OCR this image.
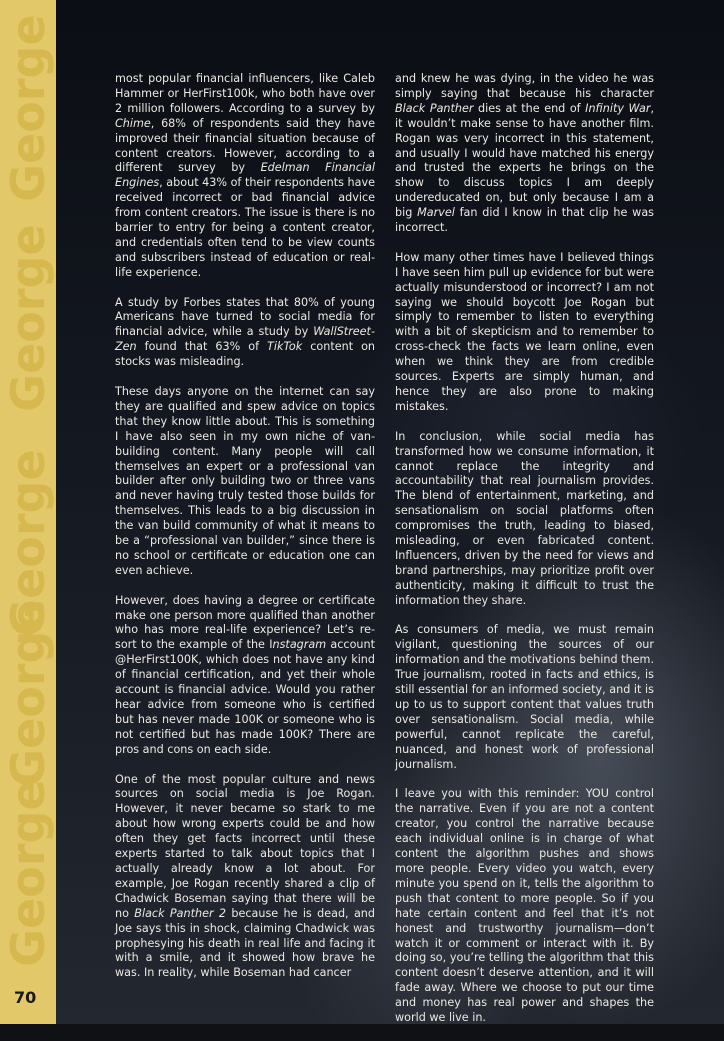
George
George
George
George
George
70

most popular financial influencers, like Caleb Hammer or HerFirst100k, who both have over 2 million followers. According to a survey by Chime, 68% of respondents said they have improved their financial situation because of content creators. However, according to a different survey by Edelman Financial Engines, about 43% of their respondents have received incorrect or bad financial advice from content creators. The issue is there is no barrier to entry for being a content creator, and credentials often tend to be view counts and subscribers instead of education or real-life experience.

A study by Forbes states that 80% of young Americans have turned to social media for financial advice, while a study by WallStreet-Zen found that 63% of TikTok content on stocks was misleading.

These days anyone on the internet can say they are qualified and spew advice on topics that they know little about. This is something I have also seen in my own niche of van-building content. Many people will call themselves an expert or a professional van builder after only building two or three vans and never having truly tested those builds for themselves. This leads to a big discussion in the van build community of what it means to be a “professional van builder,” since there is no school or certificate or education one can even achieve.

However, does having a degree or certificate make one person more qualified than another who has more real-life experience? Let’s re-sort to the example of the Instagram account @HerFirst100K, which does not have any kind of financial certification, and yet their whole account is financial advice. Would you rather hear advice from someone who is certified but has never made 100K or someone who is not certified but has made 100K? There are pros and cons on each side.

One of the most popular culture and news sources on social media is Joe Rogan. However, it never became so stark to me about how wrong experts could be and how often they get facts incorrect until these experts started to talk about topics that I actually already know a lot about. For example, Joe Rogan recently shared a clip of Chadwick Boseman saying that there will be no Black Panther 2 because he is dead, and Joe says this in shock, claiming Chadwick was prophesying his death in real life and facing it with a smile, and it showed how brave he was. In reality, while Boseman had cancer

and knew he was dying, in the video he was simply saying that because his character Black Panther dies at the end of Infinity War, it wouldn’t make sense to have another film. Rogan was very incorrect in this statement, and usually I would have matched his energy and trusted the experts he brings on the show to discuss topics I am deeply undereducated on, but only because I am a big Marvel fan did I know in that clip he was incorrect.

How many other times have I believed things I have seen him pull up evidence for but were actually misunderstood or incorrect? I am not saying we should boycott Joe Rogan but simply to remember to listen to everything with a bit of skepticism and to remember to cross-check the facts we learn online, even when we think they are from credible sources. Experts are simply human, and hence they are also prone to making mistakes.

In conclusion, while social media has transformed how we consume information, it cannot replace the integrity and accountability that real journalism provides. The blend of entertainment, marketing, and sensationalism on social platforms often compromises the truth, leading to biased, misleading, or even fabricated content. Influencers, driven by the need for views and brand partnerships, may prioritize profit over authenticity, making it difficult to trust the information they share.

As consumers of media, we must remain vigilant, questioning the sources of our information and the motivations behind them. True journalism, rooted in facts and ethics, is still essential for an informed society, and it is up to us to support content that values truth over sensationalism. Social media, while powerful, cannot replicate the careful, nuanced, and honest work of professional journalism.

I leave you with this reminder: YOU control the narrative. Even if you are not a content creator, you control the narrative because each individual online is in charge of what content the algorithm pushes and shows more people. Every video you watch, every minute you spend on it, tells the algorithm to push that content to more people. So if you hate certain content and feel that it’s not honest and trustworthy journalism—don’t watch it or comment or interact with it. By doing so, you’re telling the algorithm that this content doesn’t deserve attention, and it will fade away. Where we choose to put our time and money has real power and shapes the world we live in.
